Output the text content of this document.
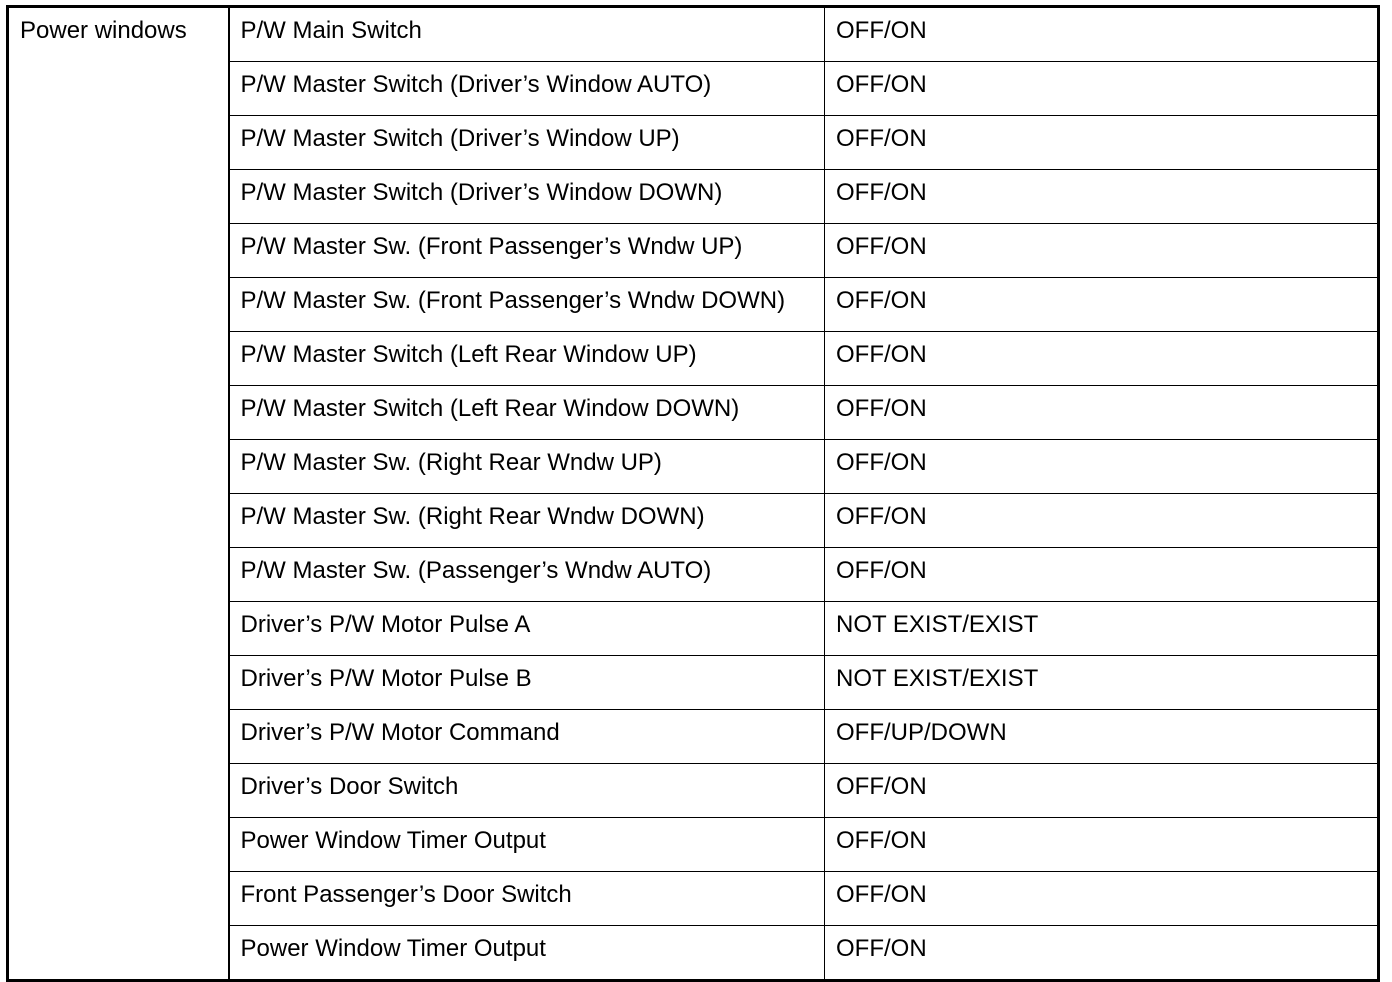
Power windows	P/W Main Switch	OFF/ON
	P/W Master Switch (Driver’s Window AUTO)	OFF/ON
	P/W Master Switch (Driver’s Window UP)	OFF/ON
	P/W Master Switch (Driver’s Window DOWN)	OFF/ON
	P/W Master Sw. (Front Passenger’s Wndw UP)	OFF/ON
	P/W Master Sw. (Front Passenger’s Wndw DOWN)	OFF/ON
	P/W Master Switch (Left Rear Window UP)	OFF/ON
	P/W Master Switch (Left Rear Window DOWN)	OFF/ON
	P/W Master Sw. (Right Rear Wndw UP)	OFF/ON
	P/W Master Sw. (Right Rear Wndw DOWN)	OFF/ON
	P/W Master Sw. (Passenger’s Wndw AUTO)	OFF/ON
	Driver’s P/W Motor Pulse A	NOT EXIST/EXIST
	Driver’s P/W Motor Pulse B	NOT EXIST/EXIST
	Driver’s P/W Motor Command	OFF/UP/DOWN
	Driver’s Door Switch	OFF/ON
	Power Window Timer Output	OFF/ON
	Front Passenger’s Door Switch	OFF/ON
	Power Window Timer Output	OFF/ON
